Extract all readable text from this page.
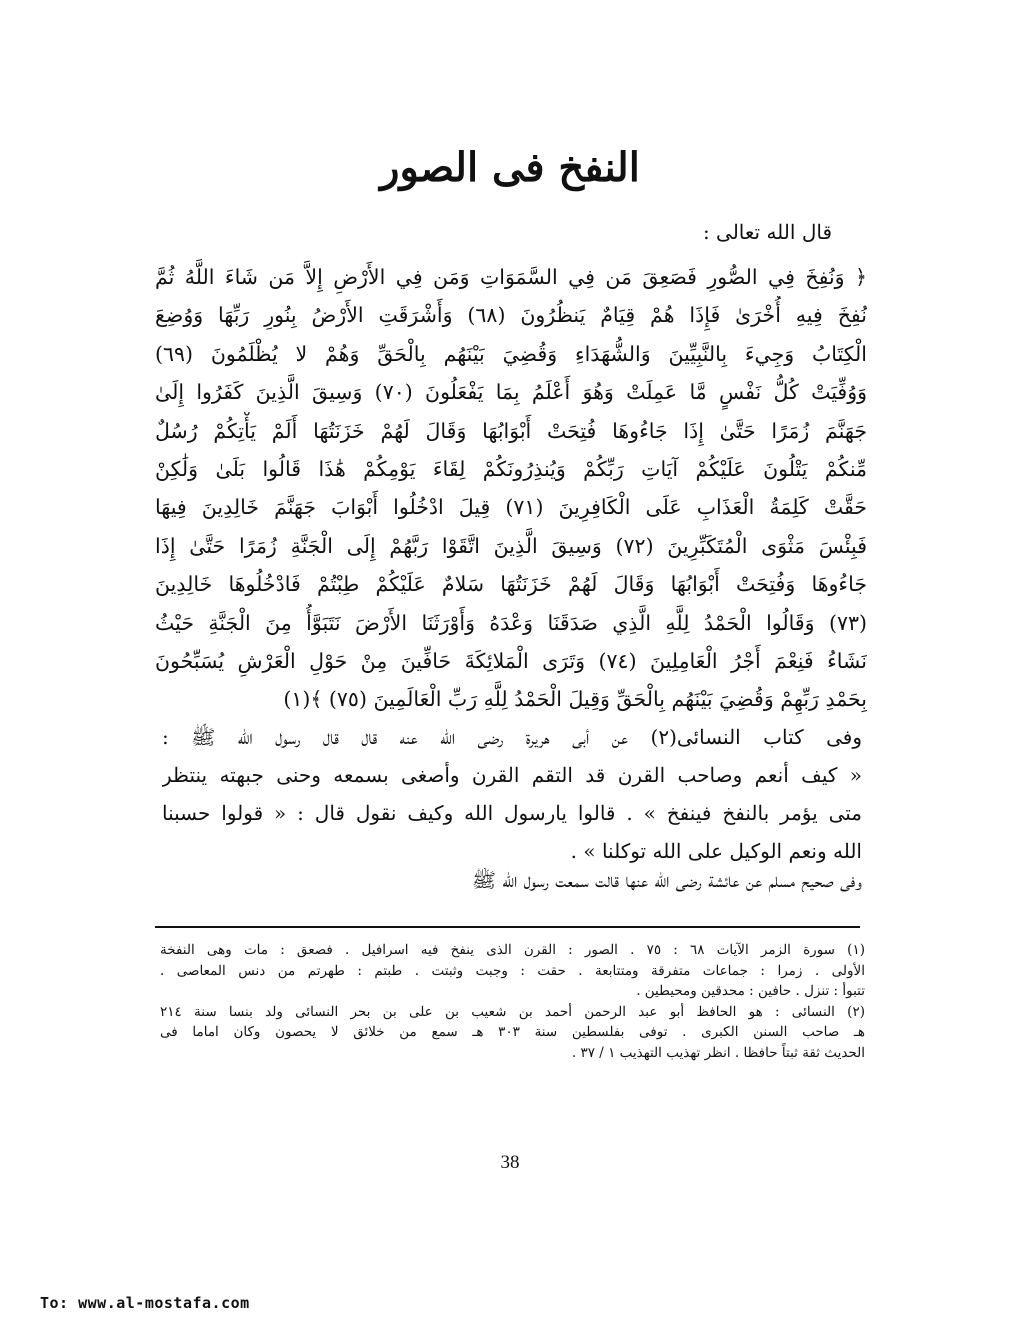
النفخ فى الصور
قال الله تعالى :
﴿ وَنُفِخَ فِي الصُّورِ فَصَعِقَ مَن فِي السَّمَوَاتِ وَمَن فِي الأَرْضِ إِلاَّ مَن شَاءَ اللَّهُ ثُمَّ
نُفِخَ فِيهِ أُخْرَىٰ فَإِذَا هُمْ قِيَامٌ يَنظُرُونَ (٦٨) وَأَشْرَقَتِ الأَرْضُ بِنُورِ رَبِّهَا وَوُضِعَ
الْكِتَابُ وَجِيءَ بِالنَّبِيِّينَ وَالشُّهَدَاءِ وَقُضِيَ بَيْنَهُم بِالْحَقِّ وَهُمْ لا يُظْلَمُونَ (٦٩)
وَوُفِّيَتْ كُلُّ نَفْسٍ مَّا عَمِلَتْ وَهُوَ أَعْلَمُ بِمَا يَفْعَلُونَ (٧٠) وَسِيقَ الَّذِينَ كَفَرُوا إِلَىٰ
جَهَنَّمَ زُمَرًا حَتَّىٰ إِذَا جَاءُوهَا فُتِحَتْ أَبْوَابُهَا وَقَالَ لَهُمْ خَزَنَتُهَا أَلَمْ يَأْتِكُمْ رُسُلٌ
مِّنكُمْ يَتْلُونَ عَلَيْكُمْ آيَاتِ رَبِّكُمْ وَيُنذِرُونَكُمْ لِقَاءَ يَوْمِكُمْ هَٰذَا قَالُوا بَلَىٰ وَلَٰكِنْ
حَقَّتْ كَلِمَةُ الْعَذَابِ عَلَى الْكَافِرِينَ (٧١) قِيلَ ادْخُلُوا أَبْوَابَ جَهَنَّمَ خَالِدِينَ فِيهَا
فَبِئْسَ مَثْوَى الْمُتَكَبِّرِينَ (٧٢) وَسِيقَ الَّذِينَ اتَّقَوْا رَبَّهُمْ إِلَى الْجَنَّةِ زُمَرًا حَتَّىٰ إِذَا
جَاءُوهَا وَفُتِحَتْ أَبْوَابُهَا وَقَالَ لَهُمْ خَزَنَتُهَا سَلامٌ عَلَيْكُمْ طِبْتُمْ فَادْخُلُوهَا خَالِدِينَ
(٧٣) وَقَالُوا الْحَمْدُ لِلَّهِ الَّذِي صَدَقَنَا وَعْدَهُ وَأَوْرَثَنَا الأَرْضَ نَتَبَوَّأُ مِنَ الْجَنَّةِ حَيْثُ
نَشَاءُ فَنِعْمَ أَجْرُ الْعَامِلِينَ (٧٤) وَتَرَى الْمَلائِكَةَ حَافِّينَ مِنْ حَوْلِ الْعَرْشِ يُسَبِّحُونَ
بِحَمْدِ رَبِّهِمْ وَقُضِيَ بَيْنَهُم بِالْحَقِّ وَقِيلَ الْحَمْدُ لِلَّهِ رَبِّ الْعَالَمِينَ (٧٥) ﴾(١)
وفى كتاب النسائى(٢) عن أبى هريرة رضى الله عنه قال قال رسول الله ﷺ :
« كيف أنعم وصاحب القرن قد التقم القرن وأصغى بسمعه وحنى جبهته ينتظر
متى يؤمر بالنفخ فينفخ » . قالوا يارسول الله وكيف نقول قال : « قولوا حسبنا
الله ونعم الوكيل على الله توكلنا » .
وفى صحيح مسلم عن عائشة رضى الله عنها قالت سمعت رسول الله ﷺ
(١) سورة الزمر الآيات ٦٨ : ٧٥ . الصور : القرن الذى ينفخ فيه اسرافيل . فصعق : مات وهى النفخة
الأولى . زمرا : جماعات متفرقة ومتتابعة . حقت : وجبت وثبتت . طبتم : طهرتم من دنس المعاصى .
تتبوأ : تنزل . حافين : محدقين ومحيطين .
(٢) النسائى : هو الحافظ أبو عبد الرحمن أحمد بن شعيب بن على بن بحر النسائى ولد بنسا سنة ٢١٤
هـ صاحب السنن الكبرى . توفى بفلسطين سنة ٣٠٣ هـ سمع من خلائق لا يحصون وكان اماما فى
الحديث ثقة ثبتاً حافظا . انظر تهذيب التهذيب ١ / ٣٧ .
38
To: www.al-mostafa.com
